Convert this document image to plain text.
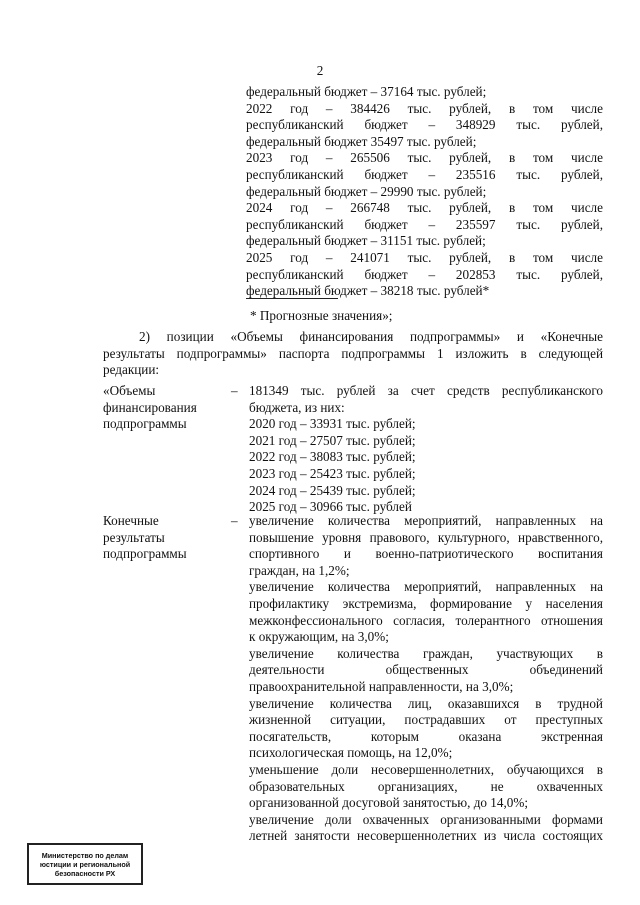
2
федеральный бюджет – 37164 тыс. рублей;
2022 год – 384426 тыс. рублей, в том числе
республиканский бюджет – 348929 тыс. рублей,
федеральный бюджет 35497 тыс. рублей;
2023 год – 265506 тыс. рублей, в том числе
республиканский бюджет – 235516 тыс. рублей,
федеральный бюджет – 29990 тыс. рублей;
2024 год – 266748 тыс. рублей, в том числе
республиканский бюджет – 235597 тыс. рублей,
федеральный бюджет – 31151 тыс. рублей;
2025 год – 241071 тыс. рублей, в том числе
республиканский бюджет – 202853 тыс. рублей,
федеральный бюджет – 38218 тыс. рублей*
* Прогнозные значения»;
2) позиции «Объемы финансирования подпрограммы» и «Конечные
результаты подпрограммы» паспорта подпрограммы 1 изложить в следующей
редакции:
«Объемы
финансирования
подпрограммы
– 181349 тыс. рублей за счет средств республиканского
бюджета, из них:
2020 год – 33931 тыс. рублей;
2021 год – 27507 тыс. рублей;
2022 год – 38083 тыс. рублей;
2023 год – 25423 тыс. рублей;
2024 год – 25439 тыс. рублей;
2025 год – 30966 тыс. рублей
Конечные
результаты
подпрограммы
– увеличение количества мероприятий, направленных на
повышение уровня правового, культурного, нравственного,
спортивного и военно-патриотического воспитания
граждан, на 1,2%;
увеличение количества мероприятий, направленных на
профилактику экстремизма, формирование у населения
межконфессионального согласия, толерантного отношения
к окружающим, на 3,0%;
увеличение количества граждан, участвующих в
деятельности общественных объединений
правоохранительной направленности, на 3,0%;
увеличение количества лиц, оказавшихся в трудной
жизненной ситуации, пострадавших от преступных
посягательств, которым оказана экстренная
психологическая помощь, на 12,0%;
уменьшение доли несовершеннолетних, обучающихся в
образовательных организациях, не охваченных
организованной досуговой занятостью, до 14,0%;
увеличение доли охваченных организованными формами
летней занятости несовершеннолетних из числа состоящих
Министерство по делам
юстиции и региональной
безопасности РХ
